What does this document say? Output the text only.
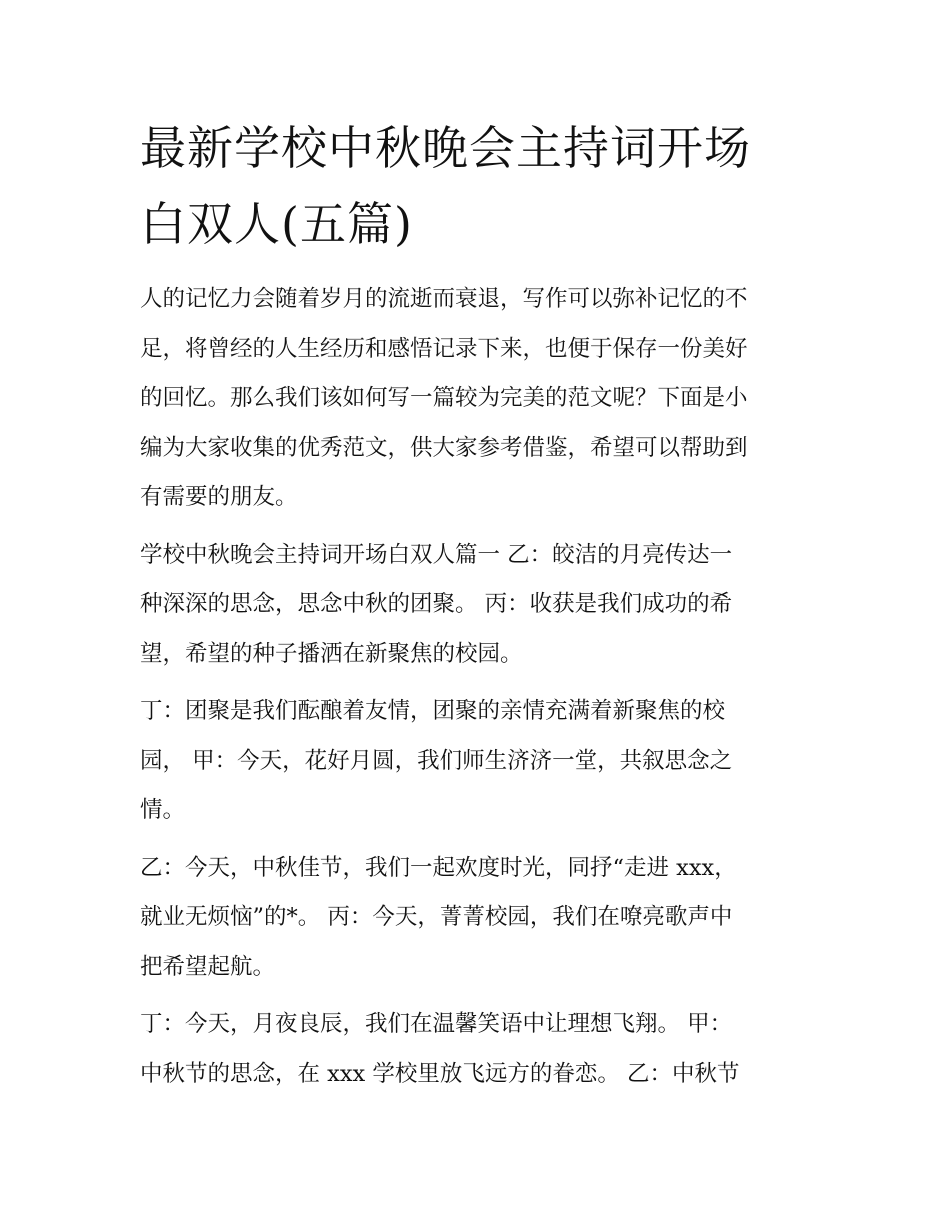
最新学校中秋晚会主持词开场
白双人(五篇)

人的记忆力会随着岁月的流逝而衰退，写作可以弥补记忆的不
足，将曾经的人生经历和感悟记录下来，也便于保存一份美好
的回忆。那么我们该如何写一篇较为完美的范文呢？下面是小
编为大家收集的优秀范文，供大家参考借鉴，希望可以帮助到
有需要的朋友。

学校中秋晚会主持词开场白双人篇一 乙：皎洁的月亮传达一
种深深的思念，思念中秋的团聚。 丙：收获是我们成功的希
望，希望的种子播洒在新聚焦的校园。

丁：团聚是我们酝酿着友情，团聚的亲情充满着新聚焦的校
园， 甲：今天，花好月圆，我们师生济济一堂，共叙思念之
情。

乙：今天，中秋佳节，我们一起欢度时光，同抒“走进 xxx，
就业无烦恼”的*。 丙：今天，菁菁校园，我们在嘹亮歌声中
把希望起航。

丁：今天，月夜良辰，我们在温馨笑语中让理想飞翔。 甲：
中秋节的思念，在 xxx 学校里放飞远方的眷恋。 乙：中秋节
